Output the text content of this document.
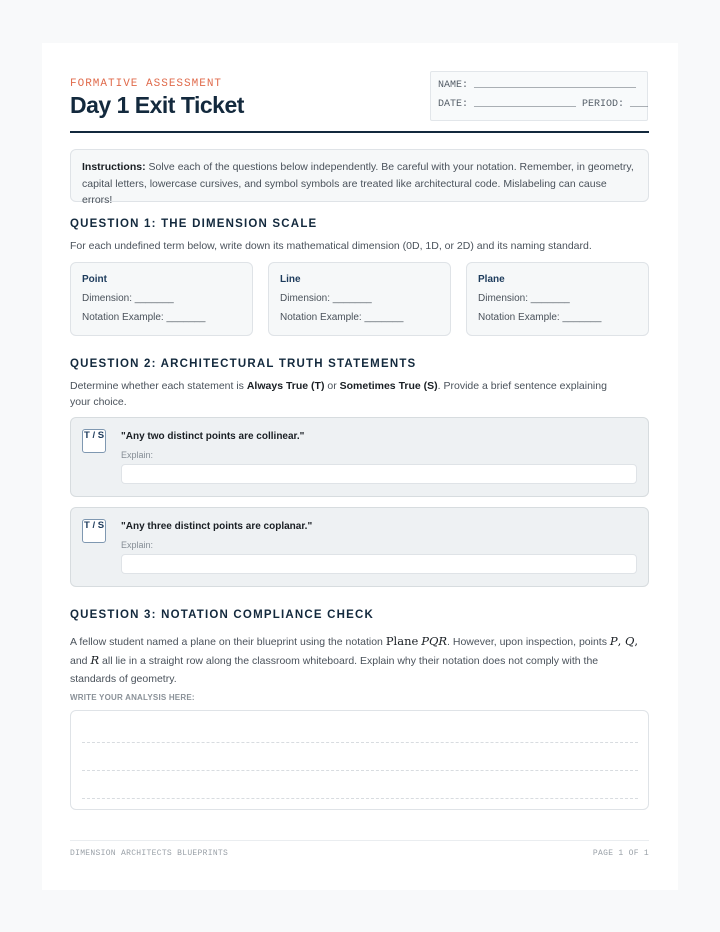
FORMATIVE ASSESSMENT
Day 1 Exit Ticket
NAME: ___________________________
DATE: _________________ PERIOD: ___
Instructions: Solve each of the questions below independently. Be careful with your notation. Remember, in geometry, capital letters, lowercase cursives, and symbol symbols are treated like architectural code. Mislabeling can cause errors!
QUESTION 1: THE DIMENSION SCALE
For each undefined term below, write down its mathematical dimension (0D, 1D, or 2D) and its naming standard.
Point
Dimension: _______
Notation Example: _______
Line
Dimension: _______
Notation Example: _______
Plane
Dimension: _______
Notation Example: _______
QUESTION 2: ARCHITECTURAL TRUTH STATEMENTS
Determine whether each statement is Always True (T) or Sometimes True (S). Provide a brief sentence explaining your choice.
T / S "Any two distinct points are collinear."
Explain:
T / S "Any three distinct points are coplanar."
Explain:
QUESTION 3: NOTATION COMPLIANCE CHECK
A fellow student named a plane on their blueprint using the notation Plane PQR. However, upon inspection, points P, Q, and R all lie in a straight row along the classroom whiteboard. Explain why their notation does not comply with the standards of geometry.
WRITE YOUR ANALYSIS HERE:
DIMENSION ARCHITECTS BLUEPRINTS	PAGE 1 OF 1
